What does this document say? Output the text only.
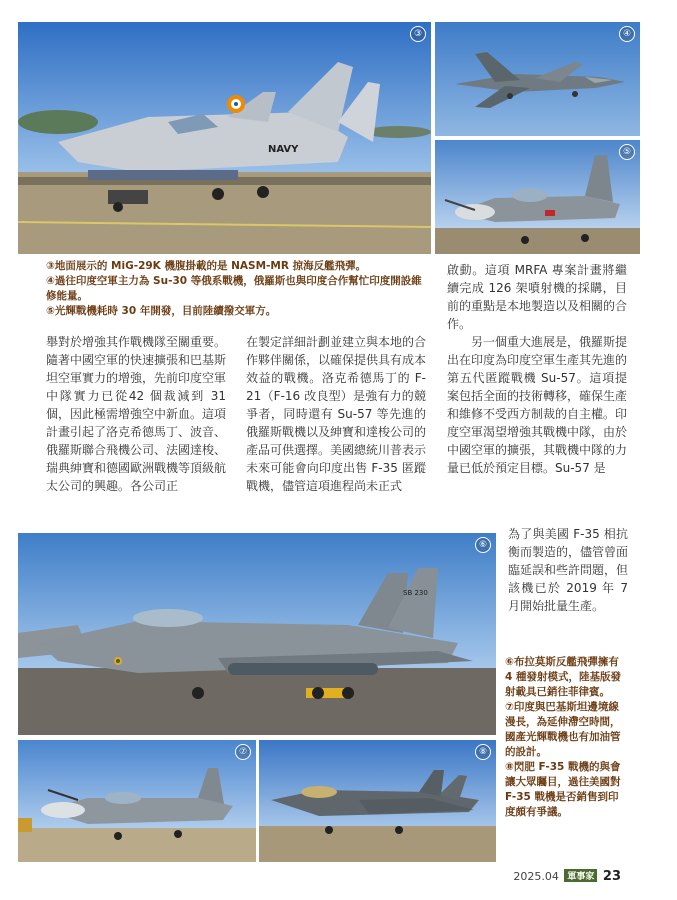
NAVY
③	④
⑤

③地面展示的 MiG-29K 機腹掛載的是 NASM-MR 掠海反艦飛彈。

④過往印度空軍主力為 Su-30 等俄系戰機，俄羅斯也與印度合作幫忙印度開設維修能量。

⑤光輝戰機耗時 30 年開發，目前陸續撥交軍方。

舉對於增強其作戰機隊至關重要。隨著中國空軍的快速擴張和巴基斯坦空軍實力的增強，先前印度空軍中隊實力已從42 個裁減到 31 個，因此極需增強空中新血。這項計畫引起了洛克希德馬丁、波音、俄羅斯聯合飛機公司、法國達梭、瑞典紳寶和德國歐洲戰機等頂級航太公司的興趣。各公司正

在製定詳細計劃並建立與本地的合作夥伴關係，以確保提供具有成本效益的戰機。洛克希德馬丁的 F-21（F-16 改良型）是強有力的競爭者，同時還有 Su-57 等先進的俄羅斯戰機以及紳寶和達梭公司的產品可供選擇。美國總統川普表示未來可能會向印度出售 F-35 匿蹤戰機，儘管這項進程尚未正式

啟動。這項 MRFA 專案計畫將繼續完成 126 架噴射機的採購，目前的重點是本地製造以及相關的合作。

另一個重大進展是，俄羅斯提出在印度為印度空軍生產其先進的第五代匿蹤戰機 Su-57。這項提案包括全面的技術轉移，確保生產和維修不受西方制裁的自主權。印度空軍渴望增強其戰機中隊，由於中國空軍的擴張，其戰機中隊的力量已低於預定目標。Su-57 是

為了與美國 F-35 相抗衡而製造的，儘管曾面臨延誤和些許問題，但該機已於 2019 年 7 月開始批量生產。

SB 230
⑥

⑥布拉莫斯反艦飛彈擁有 4 種發射模式，陸基版發射載具已銷往菲律賓。

⑦印度與巴基斯坦邊境線漫長，為延伸滯空時間，國產光輝戰機也有加油管的設計。

⑧閃肥 F-35 戰機的與會讓大眾矚目，過往美國對 F-35 戰機是否銷售到印度頗有爭議。

⑦	⑧
2025.04 軍事家 23
